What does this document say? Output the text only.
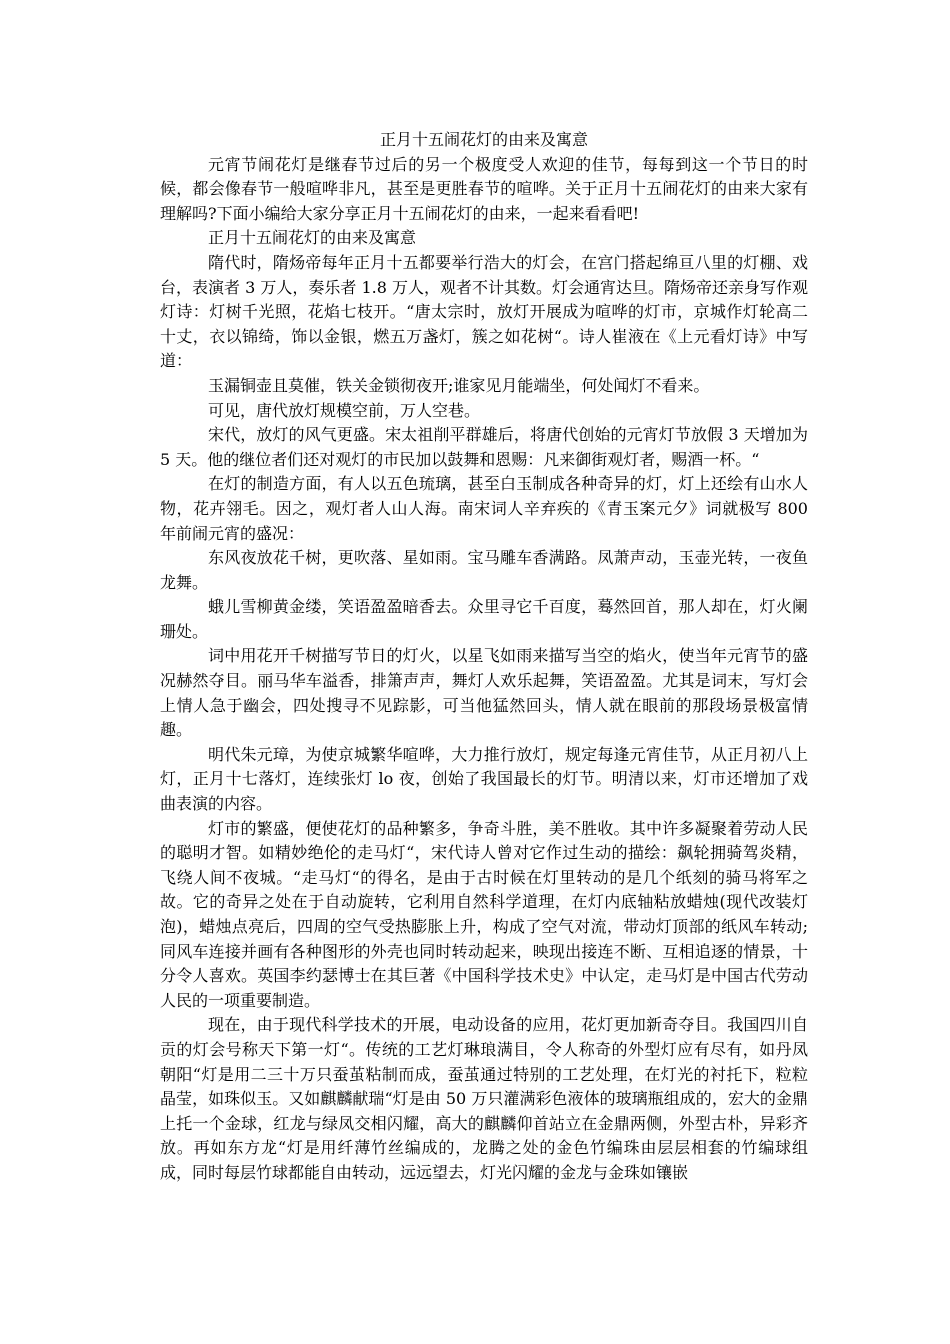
正月十五闹花灯的由来及寓意

元宵节闹花灯是继春节过后的另一个极度受人欢迎的佳节，每每到这一个节日的时候，都会像春节一般喧哗非凡，甚至是更胜春节的喧哗。关于正月十五闹花灯的由来大家有理解吗?下面小编给大家分享正月十五闹花灯的由来，一起来看看吧!

正月十五闹花灯的由来及寓意

隋代时，隋炀帝每年正月十五都要举行浩大的灯会，在宫门搭起绵亘八里的灯棚、戏台，表演者 3 万人，奏乐者 1.8 万人，观者不计其数。灯会通宵达旦。隋炀帝还亲身写作观灯诗：灯树千光照，花焰七枝开。“唐太宗时，放灯开展成为喧哗的灯市，京城作灯轮高二十丈，衣以锦绮，饰以金银，燃五万盏灯，簇之如花树“。诗人崔液在《上元看灯诗》中写道：

玉漏铜壶且莫催，铁关金锁彻夜开;谁家见月能端坐，何处闻灯不看来。

可见，唐代放灯规模空前，万人空巷。

宋代，放灯的风气更盛。宋太祖削平群雄后，将唐代创始的元宵灯节放假 3 天增加为 5 天。他的继位者们还对观灯的市民加以鼓舞和恩赐：凡来御街观灯者，赐酒一杯。“

在灯的制造方面，有人以五色琉璃，甚至白玉制成各种奇异的灯，灯上还绘有山水人物，花卉翎毛。因之，观灯者人山人海。南宋词人辛弃疾的《青玉案元夕》词就极写 800 年前闹元宵的盛况：

东风夜放花千树，更吹落、星如雨。宝马雕车香满路。凤萧声动，玉壶光转，一夜鱼龙舞。

蛾儿雪柳黄金缕，笑语盈盈暗香去。众里寻它千百度，蓦然回首，那人却在，灯火阑珊处。

词中用花开千树描写节日的灯火，以星飞如雨来描写当空的焰火，使当年元宵节的盛况赫然夺目。丽马华车溢香，排箫声声，舞灯人欢乐起舞，笑语盈盈。尤其是词末，写灯会上情人急于幽会，四处搜寻不见踪影，可当他猛然回头，情人就在眼前的那段场景极富情趣。

明代朱元璋，为使京城繁华喧哗，大力推行放灯，规定每逢元宵佳节，从正月初八上灯，正月十七落灯，连续张灯 lo 夜，创始了我国最长的灯节。明清以来，灯市还增加了戏曲表演的内容。

灯市的繁盛，便使花灯的品种繁多，争奇斗胜，美不胜收。其中许多凝聚着劳动人民的聪明才智。如精妙绝伦的走马灯“，宋代诗人曾对它作过生动的描绘：飙轮拥骑驾炎精，飞绕人间不夜城。“走马灯“的得名，是由于古时候在灯里转动的是几个纸刻的骑马将军之故。它的奇异之处在于自动旋转，它利用自然科学道理，在灯内底轴粘放蜡烛(现代改装灯泡)，蜡烛点亮后，四周的空气受热膨胀上升，构成了空气对流，带动灯顶部的纸风车转动;同风车连接并画有各种图形的外壳也同时转动起来，映现出接连不断、互相追逐的情景，十分令人喜欢。英国李约瑟博士在其巨著《中国科学技术史》中认定，走马灯是中国古代劳动人民的一项重要制造。

现在，由于现代科学技术的开展，电动设备的应用，花灯更加新奇夺目。我国四川自贡的灯会号称天下第一灯“。传统的工艺灯琳琅满目，令人称奇的外型灯应有尽有，如丹凤朝阳“灯是用二三十万只蚕茧粘制而成，蚕茧通过特别的工艺处理，在灯光的衬托下，粒粒晶莹，如珠似玉。又如麒麟献瑞“灯是由 50 万只灌满彩色液体的玻璃瓶组成的，宏大的金鼎上托一个金球，红龙与绿凤交相闪耀，高大的麒麟仰首站立在金鼎两侧，外型古朴，异彩齐放。再如东方龙“灯是用纤薄竹丝编成的，龙腾之处的金色竹编珠由层层相套的竹编球组成，同时每层竹球都能自由转动，远远望去，灯光闪耀的金龙与金珠如镶嵌
